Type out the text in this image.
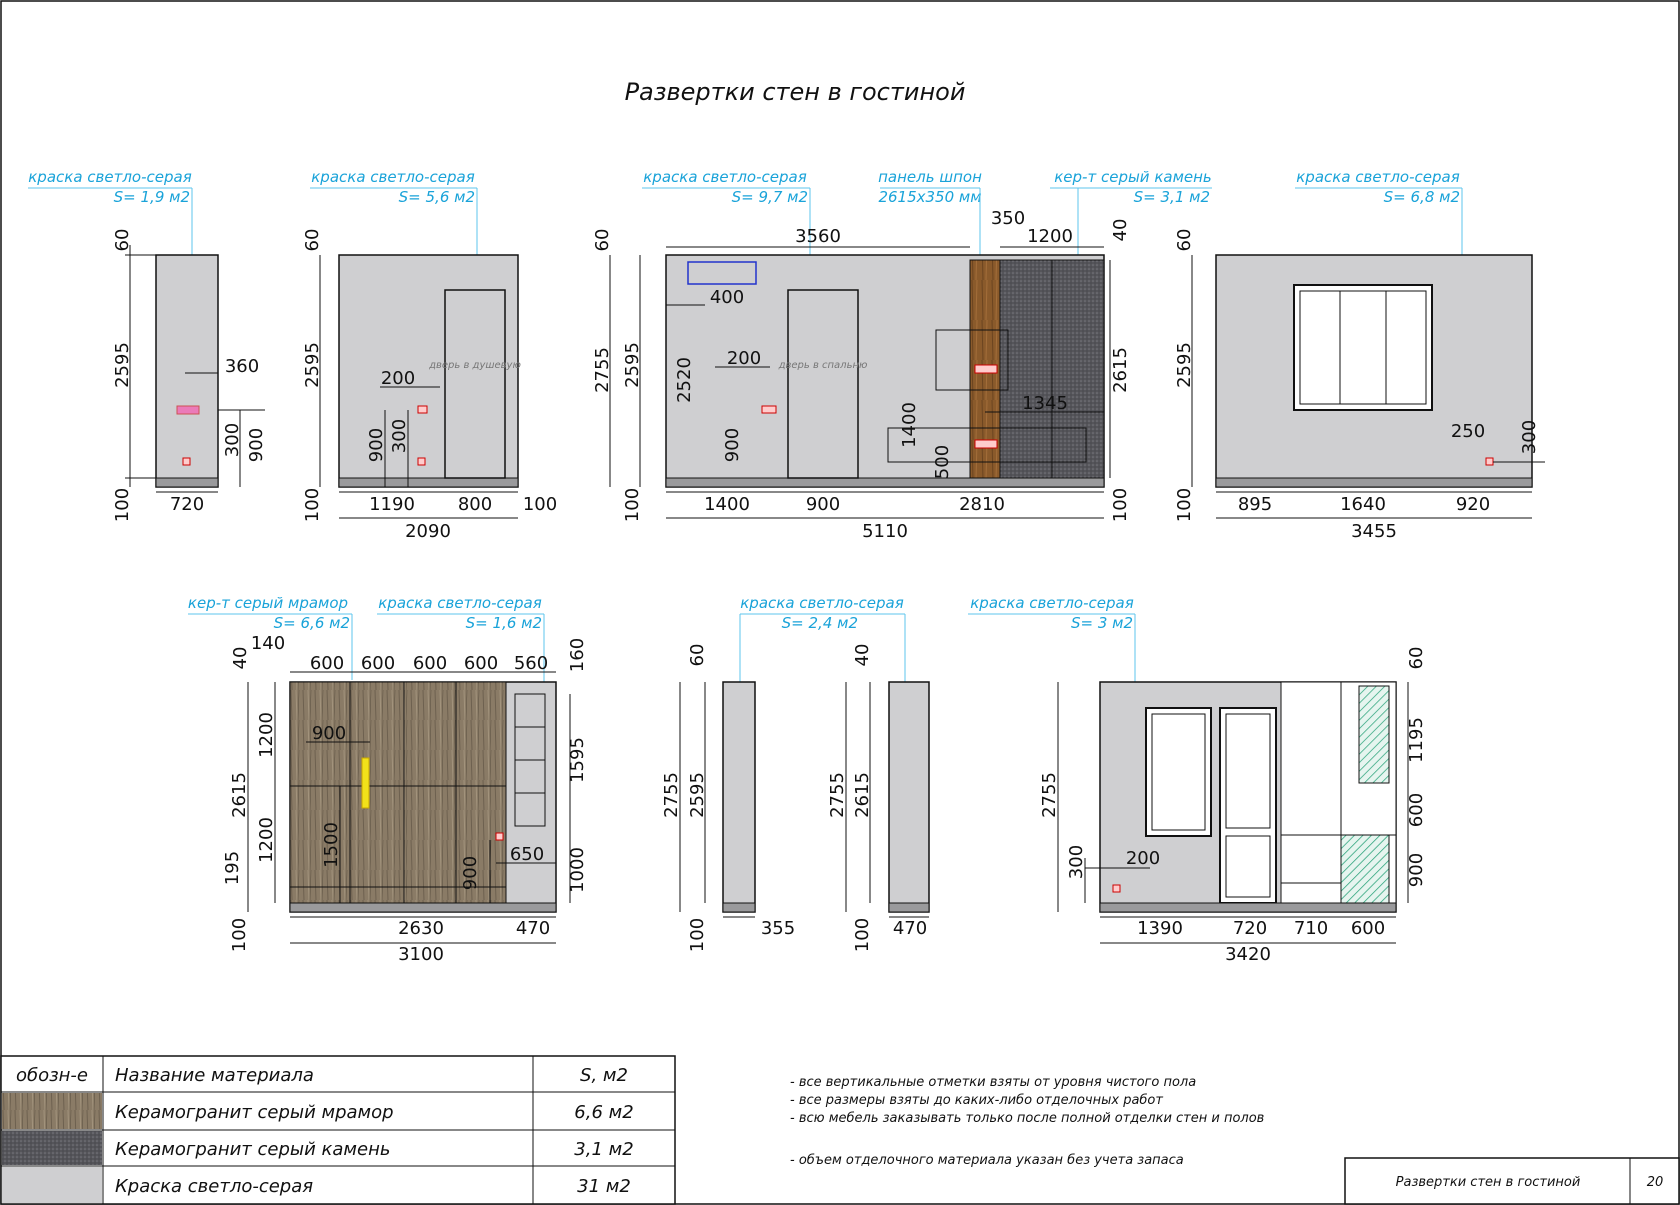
Развертки стен в гостиной
краска светло-серая
S= 1,9 м2
60
2595
100 720
360
300 900
краска светло-серая
S= 5,6 м2
дверь в душевую
60
2595
100	1190 800 100
2090
200
900 300
краска светло-серая
S= 9,7 м2
панель шпон
2615х350 мм
кер-т серый камень
S= 3,1 м2
дверь в спальню
60
2755 2595 2520
3560
350
1200 40
400
200
900	1400
500
1345
2615
100
100	1400	900	2810
5110
краска светло-серая
S= 6,8 м2
60
2595
100 895	1640	920
3455
250 300
кер-т серый мрамор
S= 6,6 м2
краска светло-серая
S= 1,6 м2
40
140
600 600 600 600 560 160
1200 900
2615
1200 1500
195	900
650
1595
1000
100	2630	470
3100
краска светло-серая
S= 2,4 м2
60
2755 2595
100	355
40
2755 2615
100 470
краска светло-серая
S= 3 м2
2755
300 200
60
1195
600
900
1390	720 710 600
3420
обозн-е Название материала	S, м2
Керамогранит серый мрамор	6,6 м2
Керамогранит серый камень	3,1 м2
Краска светло-серая	31 м2
- все вертикальные отметки взяты от уровня чистого пола
- все размеры взяты до каких-либо отделочных работ
- всю мебель заказывать только после полной отделки стен и полов
- объем отделочного материала указан без учета запаса
Развертки стен в гостиной	20
